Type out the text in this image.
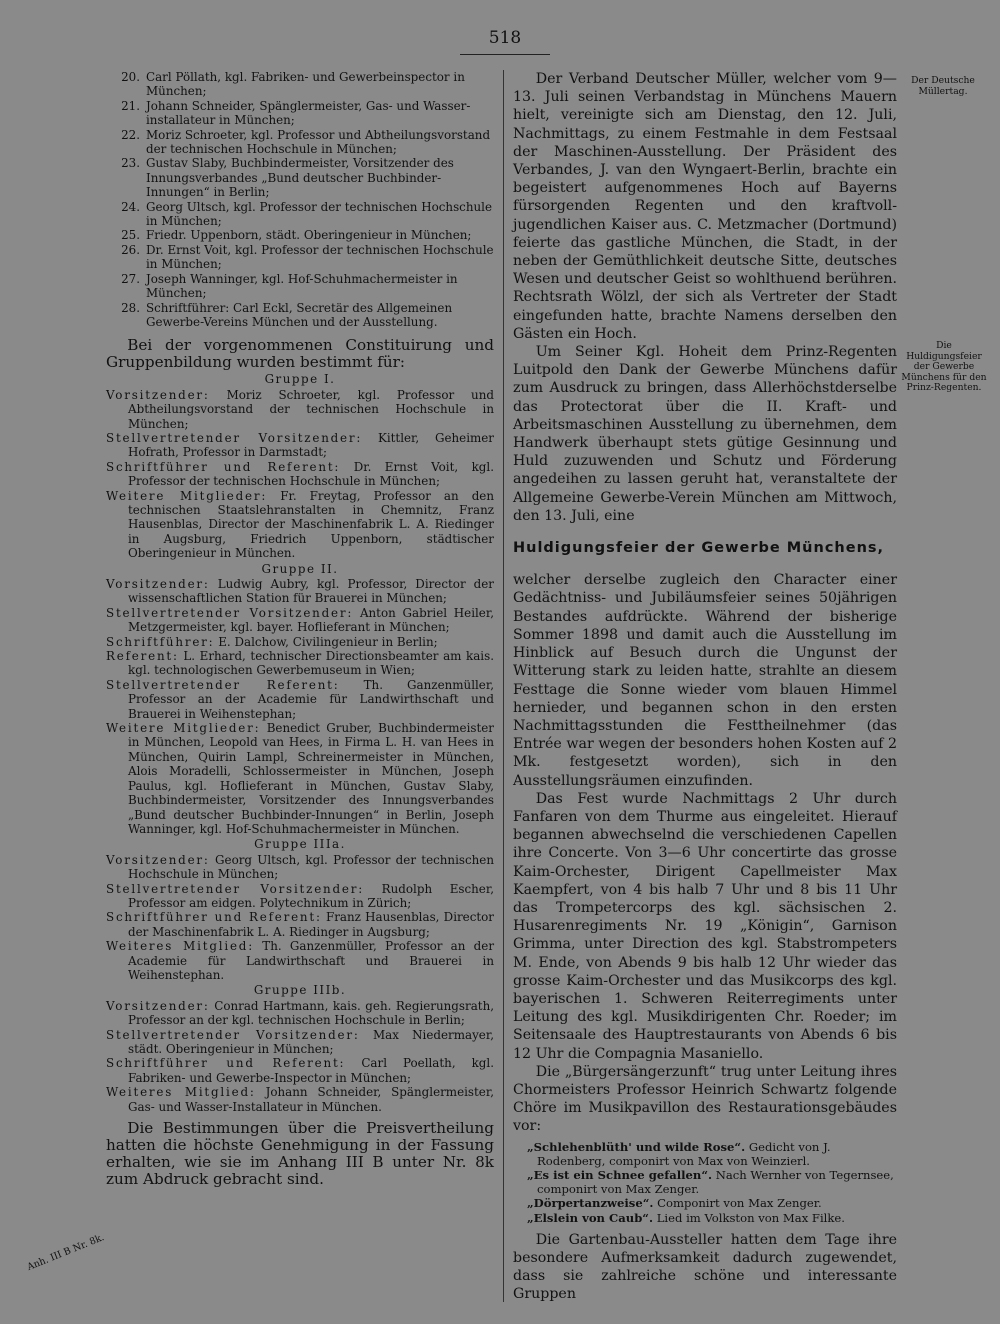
518
20. Carl Pöllath, kgl. Fabriken- und Gewerbeinspector in München;
21. Johann Schneider, Spänglermeister, Gas- und Wasser-installateur in München;
22. Moriz Schroeter, kgl. Professor und Abtheilungsvorstand der technischen Hochschule in München;
23. Gustav Slaby, Buchbindermeister, Vorsitzender des Innungsverbandes „Bund deutscher Buchbinder-Innungen“ in Berlin;
24. Georg Ultsch, kgl. Professor der technischen Hochschule in München;
25. Friedr. Uppenborn, städt. Oberingenieur in München;
26. Dr. Ernst Voit, kgl. Professor der technischen Hochschule in München;
27. Joseph Wanninger, kgl. Hof-Schuhmachermeister in München;
28. Schriftführer: Carl Eckl, Secretär des Allgemeinen Gewerbe-Vereins München und der Ausstellung.
Bei der vorgenommenen Constituirung und Gruppenbildung wurden bestimmt für:
Gruppe I.
Vorsitzender: Moriz Schroeter, kgl. Professor und Abtheilungsvorstand der technischen Hochschule in München;
Stellvertretender Vorsitzender: Kittler, Geheimer Hofrath, Professor in Darmstadt;
Schriftführer und Referent: Dr. Ernst Voit, kgl. Professor der technischen Hochschule in München;
Weitere Mitglieder: Fr. Freytag, Professor an den technischen Staatslehranstalten in Chemnitz, Franz Hausenblas, Director der Maschinenfabrik L. A. Riedinger in Augsburg, Friedrich Uppenborn, städtischer Oberingenieur in München.
Gruppe II.
Vorsitzender: Ludwig Aubry, kgl. Professor, Director der wissenschaftlichen Station für Brauerei in München;
Stellvertretender Vorsitzender: Anton Gabriel Heiler, Metzgermeister, kgl. bayer. Hoflieferant in München;
Schriftführer: E. Dalchow, Civilingenieur in Berlin;
Referent: L. Erhard, technischer Directionsbeamter am kais. kgl. technologischen Gewerbemuseum in Wien;
Stellvertretender Referent: Th. Ganzenmüller, Professor an der Academie für Landwirthschaft und Brauerei in Weihenstephan;
Weitere Mitglieder: Benedict Gruber, Buchbindermeister in München, Leopold van Hees, in Firma L. H. van Hees in München, Quirin Lampl, Schreinermeister in München, Alois Moradelli, Schlossermeister in München, Joseph Paulus, kgl. Hoflieferant in München, Gustav Slaby, Buchbindermeister, Vorsitzender des Innungsverbandes „Bund deutscher Buchbinder-Innungen“ in Berlin, Joseph Wanninger, kgl. Hof-Schuhmachermeister in München.
Gruppe IIIa.
Vorsitzender: Georg Ultsch, kgl. Professor der technischen Hochschule in München;
Stellvertretender Vorsitzender: Rudolph Escher, Professor am eidgen. Polytechnikum in Zürich;
Schriftführer und Referent: Franz Hausenblas, Director der Maschinenfabrik L. A. Riedinger in Augsburg;
Weiteres Mitglied: Th. Ganzenmüller, Professor an der Academie für Landwirthschaft und Brauerei in Weihenstephan.
Gruppe IIIb.
Vorsitzender: Conrad Hartmann, kais. geh. Regierungsrath, Professor an der kgl. technischen Hochschule in Berlin;
Stellvertretender Vorsitzender: Max Niedermayer, städt. Oberingenieur in München;
Schriftführer und Referent: Carl Poellath, kgl. Fabriken- und Gewerbe-Inspector in München;
Weiteres Mitglied: Johann Schneider, Spänglermeister, Gas- und Wasser-Installateur in München.
Die Bestimmungen über die Preisvertheilung hatten die höchste Genehmigung in der Fassung erhalten, wie sie im Anhang III B unter Nr. 8k zum Abdruck gebracht sind.

Der Verband Deutscher Müller, welcher vom 9—13. Juli seinen Verbandstag in Münchens Mauern hielt, vereinigte sich am Dienstag, den 12. Juli, Nachmittags, zu einem Festmahle in dem Festsaal der Maschinen-Ausstellung. Der Präsident des Verbandes, J. van den Wyngaert-Berlin, brachte ein begeistert aufgenommenes Hoch auf Bayerns fürsorgenden Regenten und den kraftvoll-jugendlichen Kaiser aus. C. Metzmacher (Dortmund) feierte das gastliche München, die Stadt, in der neben der Gemüthlichkeit deutsche Sitte, deutsches Wesen und deutscher Geist so wohlthuend berühren. Rechtsrath Wölzl, der sich als Vertreter der Stadt eingefunden hatte, brachte Namens derselben den Gästen ein Hoch.

Um Seiner Kgl. Hoheit dem Prinz-Regenten Luitpold den Dank der Gewerbe Münchens dafür zum Ausdruck zu bringen, dass Allerhöchstderselbe das Protectorat über die II. Kraft- und Arbeitsmaschinen Ausstellung zu übernehmen, dem Handwerk überhaupt stets gütige Gesinnung und Huld zuzuwenden und Schutz und Förderung angedeihen zu lassen geruht hat, veranstaltete der Allgemeine Gewerbe-Verein München am Mittwoch, den 13. Juli, eine

Huldigungsfeier der Gewerbe Münchens,

welcher derselbe zugleich den Character einer Gedächtniss- und Jubiläumsfeier seines 50jährigen Bestandes aufdrückte. Während der bisherige Sommer 1898 und damit auch die Ausstellung im Hinblick auf Besuch durch die Ungunst der Witterung stark zu leiden hatte, strahlte an diesem Festtage die Sonne wieder vom blauen Himmel hernieder, und begannen schon in den ersten Nachmittagsstunden die Festtheilnehmer (das Entrée war wegen der besonders hohen Kosten auf 2 Mk. festgesetzt worden), sich in den Ausstellungsräumen einzufinden.

Das Fest wurde Nachmittags 2 Uhr durch Fanfaren von dem Thurme aus eingeleitet. Hierauf begannen abwechselnd die verschiedenen Capellen ihre Concerte. Von 3—6 Uhr concertirte das grosse Kaim-Orchester, Dirigent Capellmeister Max Kaempfert, von 4 bis halb 7 Uhr und 8 bis 11 Uhr das Trompetercorps des kgl. sächsischen 2. Husarenregiments Nr. 19 „Königin“, Garnison Grimma, unter Direction des kgl. Stabstrompeters M. Ende, von Abends 9 bis halb 12 Uhr wieder das grosse Kaim-Orchester und das Musikcorps des kgl. bayerischen 1. Schweren Reiterregiments unter Leitung des kgl. Musikdirigenten Chr. Roeder; im Seitensaale des Hauptrestaurants von Abends 6 bis 12 Uhr die Compagnia Masaniello.

Die „Bürgersängerzunft“ trug unter Leitung ihres Chormeisters Professor Heinrich Schwartz folgende Chöre im Musikpavillon des Restaurationsgebäudes vor:

„Schlehenblüth' und wilde Rose“. Gedicht von J. Rodenberg, componirt von Max von Weinzierl.
„Es ist ein Schnee gefallen“. Nach Wernher von Tegernsee, componirt von Max Zenger.
„Dörpertanzweise“. Componirt von Max Zenger.
„Elslein von Caub“. Lied im Volkston von Max Filke.

Die Gartenbau-Aussteller hatten dem Tage ihre besondere Aufmerksamkeit dadurch zugewendet, dass sie zahlreiche schöne und interessante Gruppen

Der Deutsche Müllertag.
Die Huldigungsfeier der Gewerbe Münchens für den Prinz-Regenten.
Anh. III B Nr. 8k.
